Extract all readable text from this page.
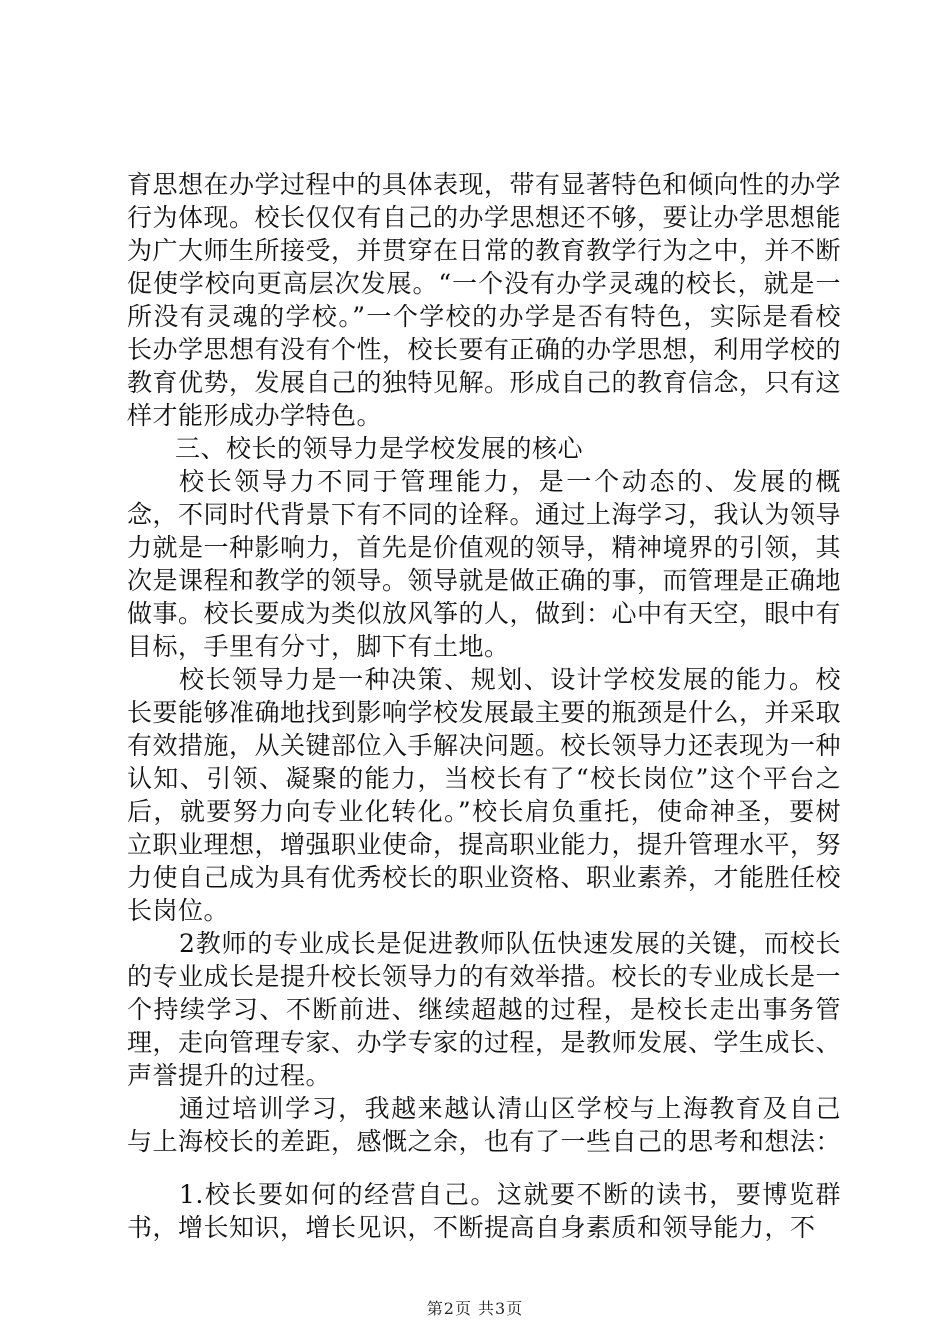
育思想在办学过程中的具体表现，带有显著特色和倾向性的办学行为体现。校长仅仅有自己的办学思想还不够，要让办学思想能为广大师生所接受，并贯穿在日常的教育教学行为之中，并不断促使学校向更高层次发展。“一个没有办学灵魂的校长，就是一所没有灵魂的学校。”一个学校的办学是否有特色，实际是看校长办学思想有没有个性，校长要有正确的办学思想，利用学校的教育优势，发展自己的独特见解。形成自己的教育信念，只有这样才能形成办学特色。

三、校长的领导力是学校发展的核心

校长领导力不同于管理能力，是一个动态的、发展的概念，不同时代背景下有不同的诠释。通过上海学习，我认为领导力就是一种影响力，首先是价值观的领导，精神境界的引领，其次是课程和教学的领导。领导就是做正确的事，而管理是正确地做事。校长要成为类似放风筝的人，做到：心中有天空，眼中有目标，手里有分寸，脚下有土地。

校长领导力是一种决策、规划、设计学校发展的能力。校长要能够准确地找到影响学校发展最主要的瓶颈是什么，并采取有效措施，从关键部位入手解决问题。校长领导力还表现为一种认知、引领、凝聚的能力，当校长有了“校长岗位”这个平台之后，就要努力向专业化转化。”校长肩负重托，使命神圣，要树立职业理想，增强职业使命，提高职业能力，提升管理水平，努力使自己成为具有优秀校长的职业资格、职业素养，才能胜任校长岗位。

2教师的专业成长是促进教师队伍快速发展的关键，而校长的专业成长是提升校长领导力的有效举措。校长的专业成长是一个持续学习、不断前进、继续超越的过程，是校长走出事务管理，走向管理专家、办学专家的过程，是教师发展、学生成长、声誉提升的过程。

通过培训学习，我越来越认清山区学校与上海教育及自己与上海校长的差距，感慨之余，也有了一些自己的思考和想法：

1.校长要如何的经营自己。这就要不断的读书，要博览群书，增长知识，增长见识，不断提高自身素质和领导能力，不

第2页 共3页
